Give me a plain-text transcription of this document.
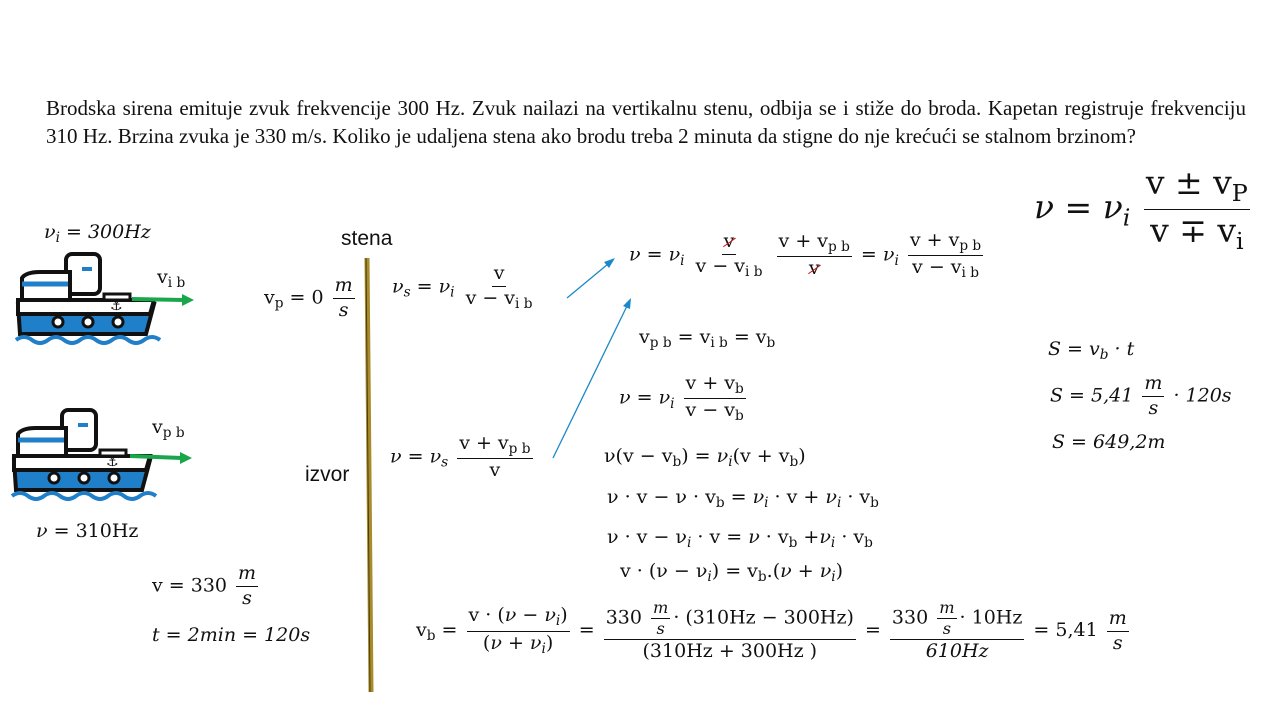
Brodska sirena emituje zvuk frekvencije 300 Hz. Zvuk nailazi na vertikalnu stenu, odbija se i stiže do broda. Kapetan registruje frekvenciju 310 Hz. Brzina zvuka je 330 m/s. Koliko je udaljena stena ako brodu treba 2 minuta da stigne do nje krećući se stalnom brzinom?
$\nu = \nu_i \frac{v \pm v_P}{v \mp v_i}$
⚓
⚓
$\nu_i = 300Hz$
$v_{i b}$
$v_{p b}$
ν = 310Hz
$v = 330 \frac{m}{s}$
t = 2min = 120s
stena
izvor
$v_p = 0 \frac{m}{s} \nu_s = \nu_i \frac{v}{v - v_{i b}}$
$\nu = \nu_s \frac{v + v_{p b}}{v}$
$\nu = \nu_i \frac{v}{v - v_{i b}}$
$\frac{v + v_{p b}}{v} = \nu_i \frac{v + v_{p b}}{v - v_{i b}}$
$v_{p b} = v_{i b} = v_b$
$\nu = \nu_i \frac{v + v_b}{v - v_b}$
$\nu(v - v_b) = \nu_i(v + v_b)$
$\nu \cdot v - \nu \cdot v_b = \nu_i \cdot v + \nu_i \cdot v_b$
$\nu \cdot v - \nu_i \cdot v = \nu \cdot v_b +\nu_i \cdot v_b$
$v \cdot (\nu - \nu_i) = v_b.(\nu + \nu_i)$
$v_b = \frac{v \cdot (\nu - \nu_i)}{(\nu + \nu_i)} = \frac{330 \frac{m}{s} \cdot (310Hz - 300Hz)}{(310Hz + 300Hz )} = \frac{330 \frac{m}{s} \cdot 10Hz}{610Hz} = 5,41 \frac{m}{s}$
$S = v_b \cdot t$
$S = 5,41 \frac{m}{s} \cdot 120s$
S = 649,2m
